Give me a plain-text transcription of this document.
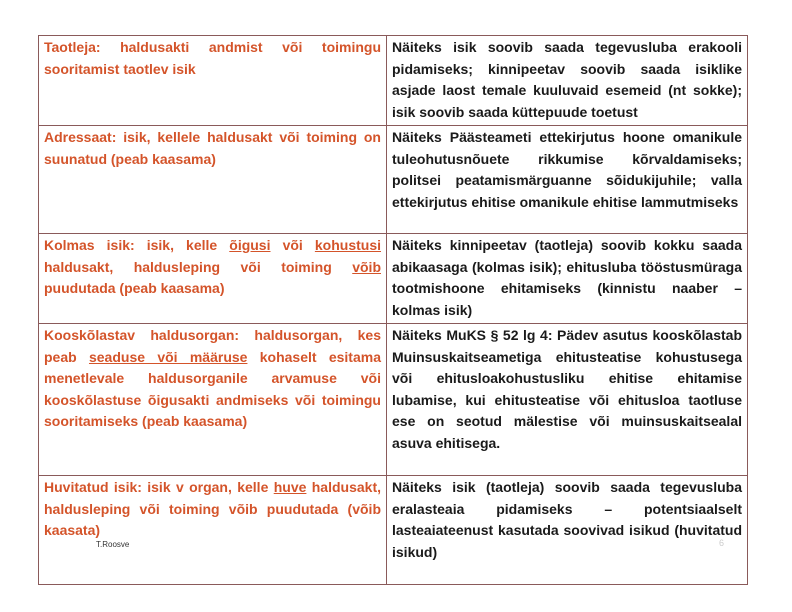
Taotleja: haldusakti andmist või toimingu sooritamist taotlev isik	Näiteks isik soovib saada tegevusluba erakooli pidamiseks; kinnipeetav soovib saada isiklike asjade laost temale kuuluvaid esemeid (nt sokke); isik soovib saada küttepuude toetust
Adressaat: isik, kellele haldusakt või toiming on suunatud (peab kaasama)	Näiteks Päästeameti ettekirjutus hoone omanikule tuleohutusnõuete rikkumise kõrvaldamiseks; politsei peatamismärguanne sõidukijuhile; valla ettekirjutus ehitise omanikule ehitise lammutmiseks
Kolmas isik: isik, kelle õigusi või kohustusi haldusakt, haldusleping või toiming võib puudutada (peab kaasama)	Näiteks kinnipeetav (taotleja) soovib kokku saada abikaasaga (kolmas isik); ehitusluba tööstusmüraga tootmishoone ehitamiseks (kinnistu naaber – kolmas isik)
Kooskõlastav haldusorgan: haldusorgan, kes peab seaduse või määruse kohaselt esitama menetlevale haldusorganile arvamuse või kooskõlastuse õigusakti andmiseks või toimingu sooritamiseks (peab kaasama)	Näiteks MuKS § 52 lg 4: Pädev asutus kooskõlastab Muinsuskaitseametiga ehitusteatise kohustusega või ehitusloakohustusliku ehitise ehitamise lubamise, kui ehitusteatise või ehitusloa taotluse ese on seotud mälestise või muinsuskaitsealal asuva ehitisega.
Huvitatud isik: isik v organ, kelle huve haldusakt, haldusleping või toiming võib puudutada (võib kaasata)	Näiteks isik (taotleja) soovib saada tegevusluba eralasteaia pidamiseks – potentsiaalselt lasteaiateenust kasutada soovivad isikud (huvitatud isikud)
T.Roosve	6
